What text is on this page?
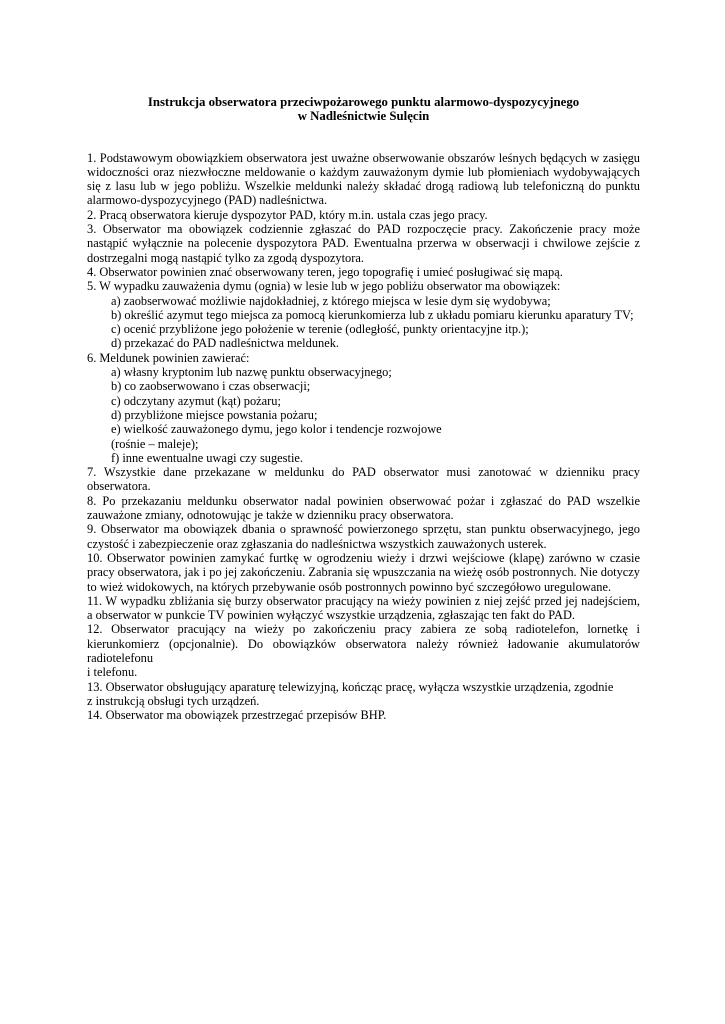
Instrukcja obserwatora przeciwpożarowego punktu alarmowo-dyspozycyjnego
w Nadleśnictwie Sulęcin

1. Podstawowym obowiązkiem obserwatora jest uważne obserwowanie obszarów leśnych będących w zasięgu widoczności oraz niezwłoczne meldowanie o każdym zauważonym dymie lub płomieniach wydobywających się z lasu lub w jego pobliżu. Wszelkie meldunki należy składać drogą radiową lub telefoniczną do punktu alarmowo-dyspozycyjnego (PAD) nadleśnictwa.

2. Pracą obserwatora kieruje dyspozytor PAD, który m.in. ustala czas jego pracy.

3. Obserwator ma obowiązek codziennie zgłaszać do PAD rozpoczęcie pracy. Zakończenie pracy może nastąpić wyłącznie na polecenie dyspozytora PAD. Ewentualna przerwa w obserwacji i chwilowe zejście z dostrzegalni mogą nastąpić tylko za zgodą dyspozytora.

4. Obserwator powinien znać obserwowany teren, jego topografię i umieć posługiwać się mapą.

5. W wypadku zauważenia dymu (ognia) w lesie lub w jego pobliżu obserwator ma obowiązek:

a) zaobserwować możliwie najdokładniej, z którego miejsca w lesie dym się wydobywa;

b) określić azymut tego miejsca za pomocą kierunkomierza lub z układu pomiaru kierunku aparatury TV;

c) ocenić przybliżone jego położenie w terenie (odległość, punkty orientacyjne itp.);

d) przekazać do PAD nadleśnictwa meldunek.

6. Meldunek powinien zawierać:

a) własny kryptonim lub nazwę punktu obserwacyjnego;

b) co zaobserwowano i czas obserwacji;

c) odczytany azymut (kąt) pożaru;

d) przybliżone miejsce powstania pożaru;

e) wielkość zauważonego dymu, jego kolor i tendencje rozwojowe

(rośnie – maleje);

f) inne ewentualne uwagi czy sugestie.

7. Wszystkie dane przekazane w meldunku do PAD obserwator musi zanotować w dzienniku pracy obserwatora.

8. Po przekazaniu meldunku obserwator nadal powinien obserwować pożar i zgłaszać do PAD wszelkie zauważone zmiany, odnotowując je także w dzienniku pracy obserwatora.

9. Obserwator ma obowiązek dbania o sprawność powierzonego sprzętu, stan punktu obserwacyjnego, jego czystość i zabezpieczenie oraz zgłaszania do nadleśnictwa wszystkich zauważonych usterek.

10. Obserwator powinien zamykać furtkę w ogrodzeniu wieży i drzwi wejściowe (klapę) zarówno w czasie pracy obserwatora, jak i po jej zakończeniu. Zabrania się wpuszczania na wieżę osób postronnych. Nie dotyczy to wież widokowych, na których przebywanie osób postronnych powinno być szczegółowo uregulowane.

11. W wypadku zbliżania się burzy obserwator pracujący na wieży powinien z niej zejść przed jej nadejściem, a obserwator w punkcie TV powinien wyłączyć wszystkie urządzenia, zgłaszając ten fakt do PAD.

12. Obserwator pracujący na wieży po zakończeniu pracy zabiera ze sobą radiotelefon, lornetkę i kierunkomierz (opcjonalnie). Do obowiązków obserwatora należy również ładowanie akumulatorów radiotelefonu

i telefonu.

13. Obserwator obsługujący aparaturę telewizyjną, kończąc pracę, wyłącza wszystkie urządzenia, zgodnie

z instrukcją obsługi tych urządzeń.

14. Obserwator ma obowiązek przestrzegać przepisów BHP.
